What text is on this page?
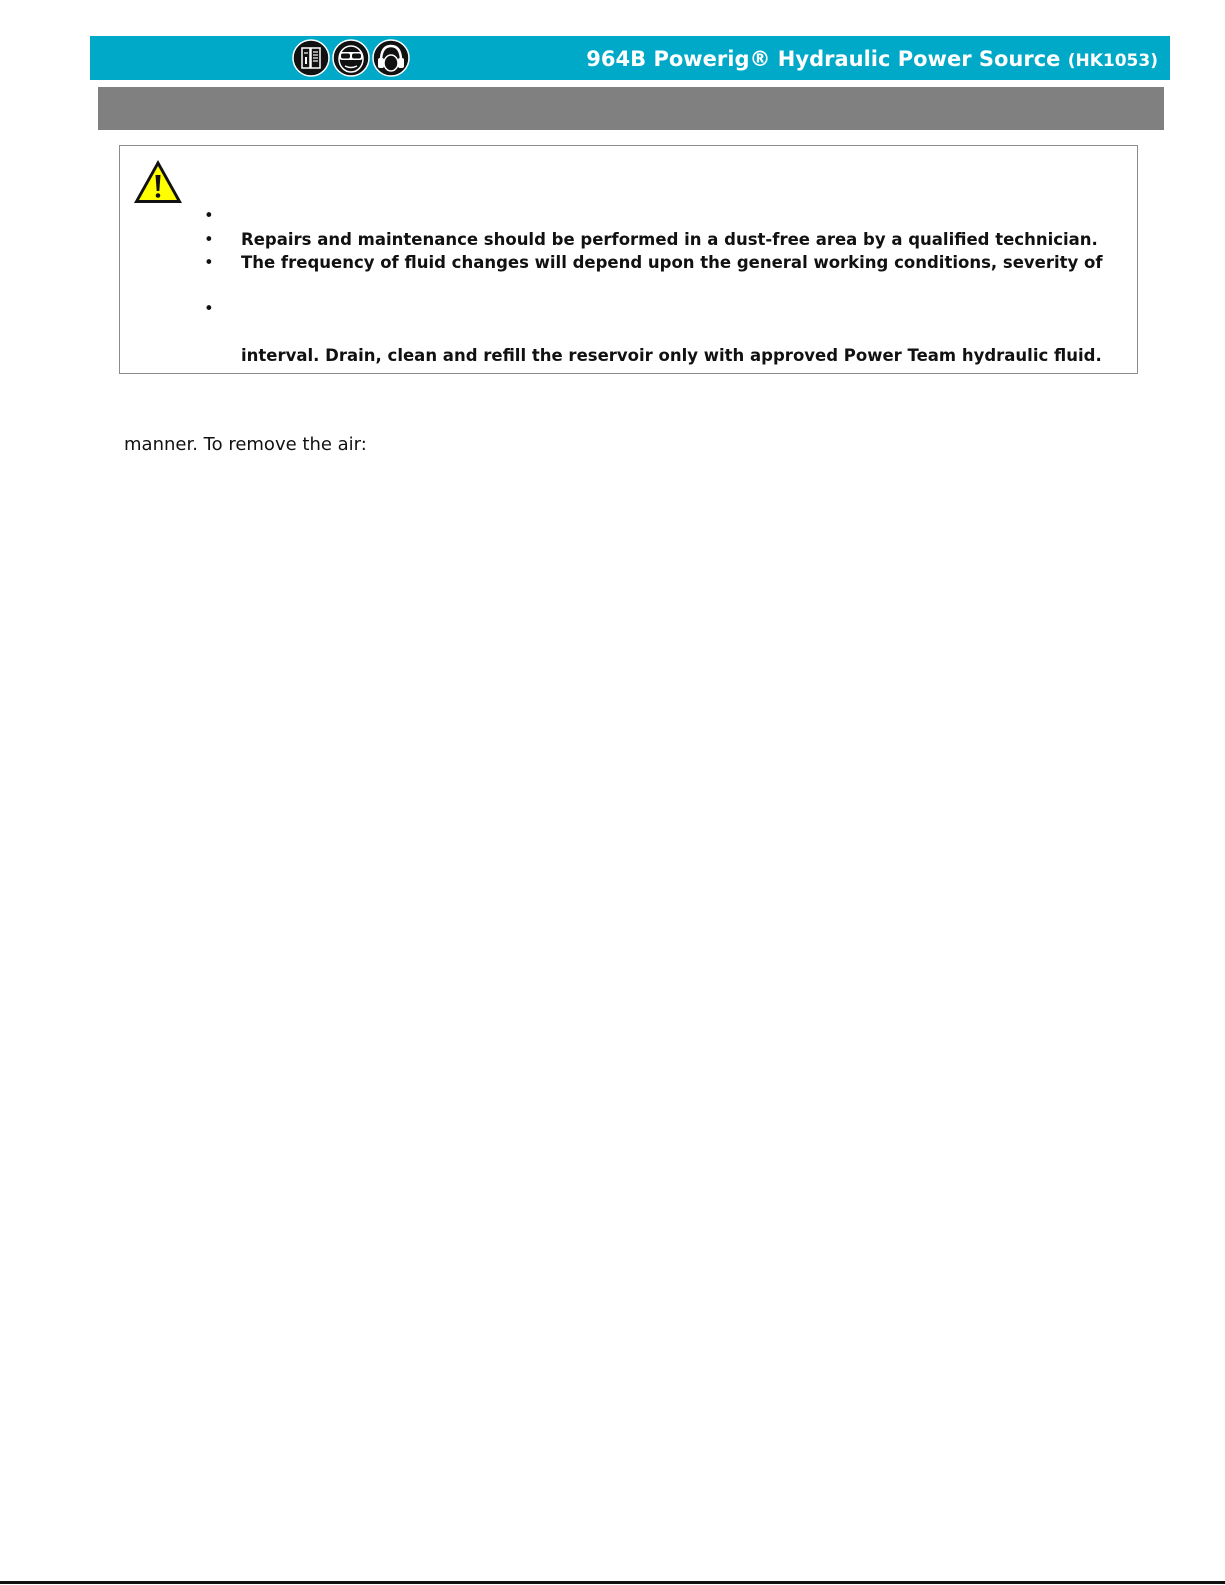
964B Powerig® Hydraulic Power Source (HK1053)
•
• Repairs and maintenance should be performed in a dust-free area by a qualified technician.
• The frequency of fluid changes will depend upon the general working conditions, severity of
•
interval. Drain, clean and refill the reservoir only with approved Power Team hydraulic fluid.

manner. To remove the air:
